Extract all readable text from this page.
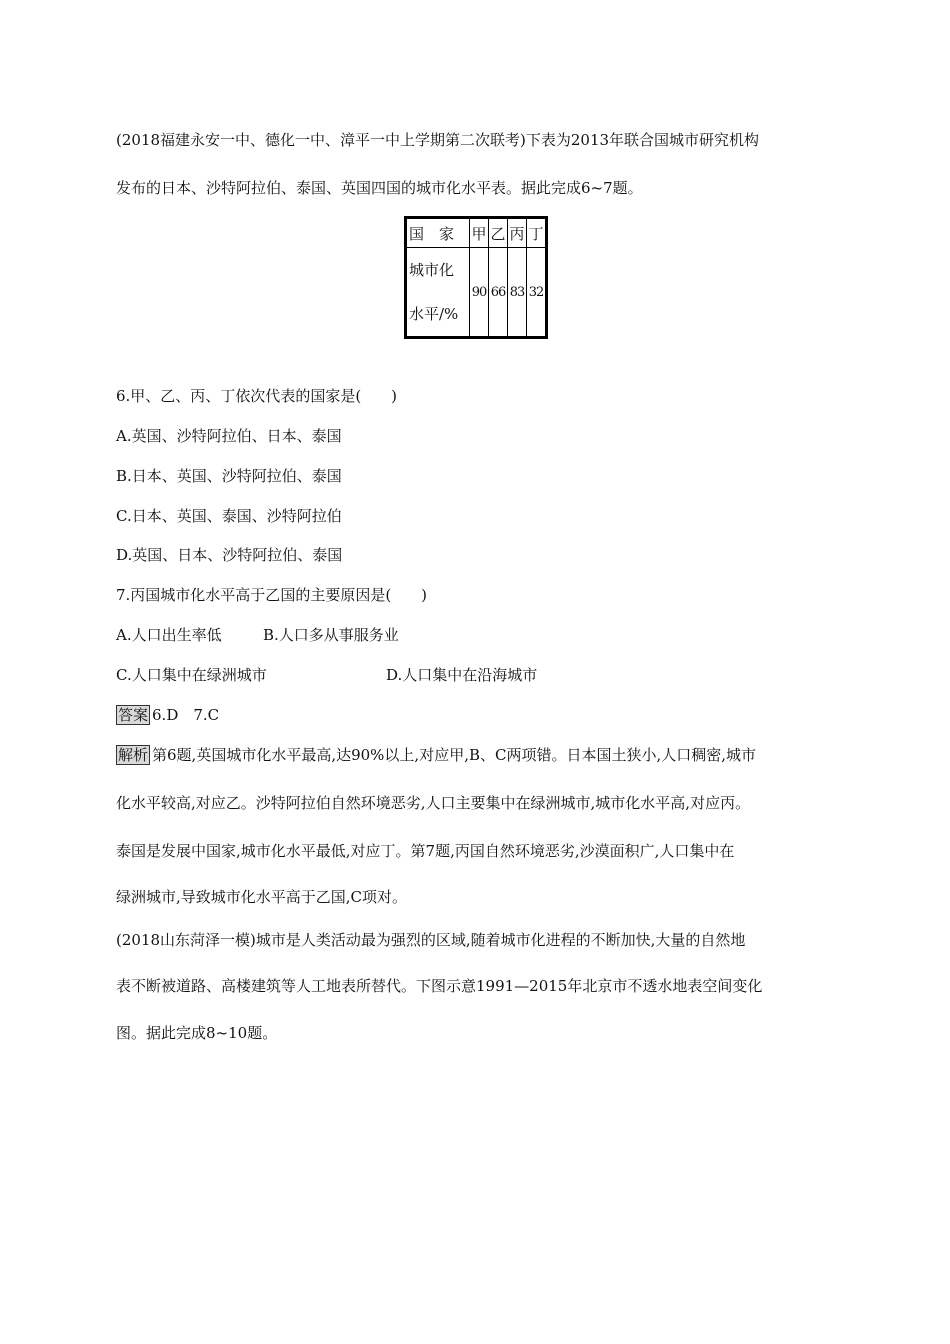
(2018福建永安一中、德化一中、漳平一中上学期第二次联考)下表为2013年联合国城市研究机构
发布的日本、沙特阿拉伯、泰国、英国四国的城市化水平表。据此完成6~7题。
国　家	甲	乙	丙	丁
城市化
水平/%	90	66	83	32
6.甲、乙、丙、丁依次代表的国家是(　　)
A.英国、沙特阿拉伯、日本、泰国
B.日本、英国、沙特阿拉伯、泰国
C.日本、英国、泰国、沙特阿拉伯
D.英国、日本、沙特阿拉伯、泰国
7.丙国城市化水平高于乙国的主要原因是(　　)
A.人口出生率低	B.人口多从事服务业
C.人口集中在绿洲城市	D.人口集中在沿海城市
答案 6.D　7.C
解析 第6题,英国城市化水平最高,达90%以上,对应甲,B、C两项错。日本国土狭小,人口稠密,城市
化水平较高,对应乙。沙特阿拉伯自然环境恶劣,人口主要集中在绿洲城市,城市化水平高,对应丙。
泰国是发展中国家,城市化水平最低,对应丁。第7题,丙国自然环境恶劣,沙漠面积广,人口集中在
绿洲城市,导致城市化水平高于乙国,C项对。
(2018山东菏泽一模)城市是人类活动最为强烈的区域,随着城市化进程的不断加快,大量的自然地
表不断被道路、高楼建筑等人工地表所替代。下图示意1991—2015年北京市不透水地表空间变化
图。据此完成8~10题。
